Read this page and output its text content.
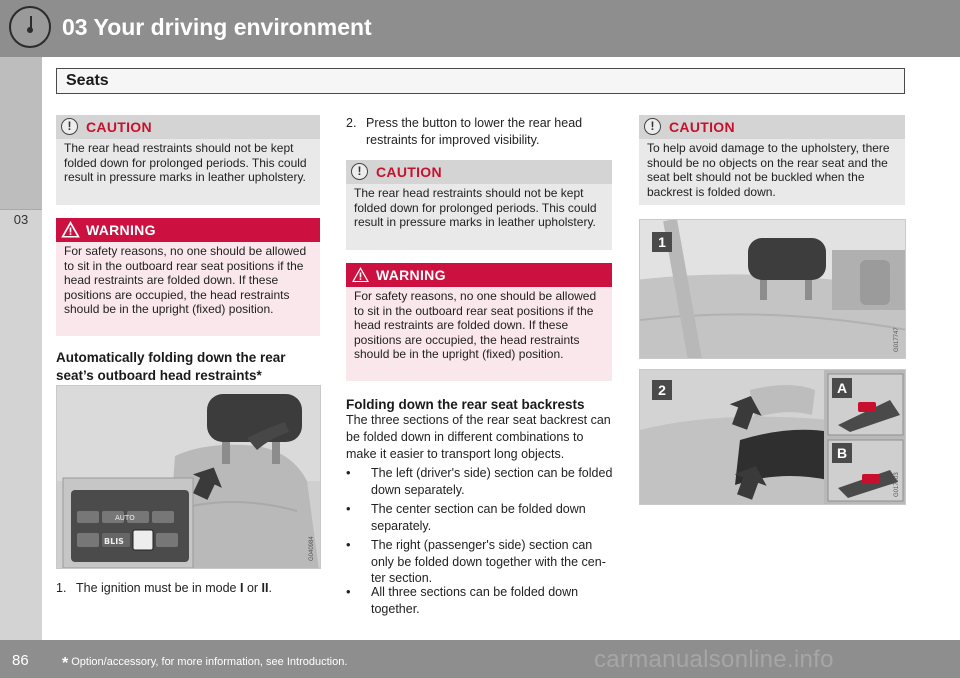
03 Your driving environment
03
Seats
!	CAUTION
The rear head restraints should not be kept folded down for prolonged periods. This could result in pressure marks in leather upholstery.
WARNING
For safety reasons, no one should be allowed to sit in the outboard rear seat positions if the head restraints are folded down. If these positions are occupied, the head restraints should be in the upright (fixed) position.
Automatically folding down the rear
seat’s outboard head restraints*
AUTO
BLIS	G040984
1. The ignition must be in mode I or II.
2. Press the button to lower the rear head
restraints for improved visibility.
!	CAUTION
The rear head restraints should not be kept folded down for prolonged periods. This could result in pressure marks in leather upholstery.
WARNING
For safety reasons, no one should be allowed to sit in the outboard rear seat positions if the head restraints are folded down. If these positions are occupied, the head restraints should be in the upright (fixed) position.
Folding down the rear seat backrests
The three sections of the rear seat backrest can be folded down in different combinations to make it easier to transport long objects.
• The left (driver's side) section can be folded
down separately.
• The center section can be folded down
separately.
• The right (passenger's side) section can
only be folded down together with the cen-
ter section.
• All three sections can be folded down
together.
!	CAUTION
To help avoid damage to the upholstery, there should be no objects on the rear seat and the seat belt should not be buckled when the backrest is folded down.
1
G017747
2	A
B
G017903
86 * Option/accessory, for more information, see Introduction.	carmanualsonline.info
